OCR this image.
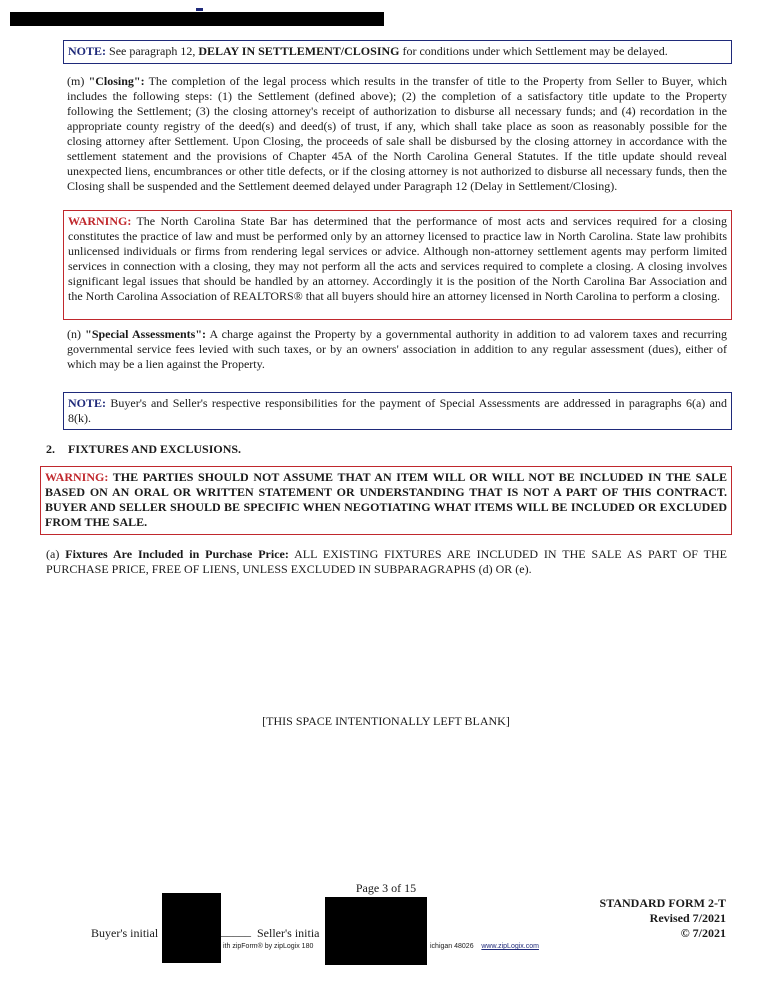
NOTE: See paragraph 12, DELAY IN SETTLEMENT/CLOSING for conditions under which Settlement may be delayed.
(m) "Closing": The completion of the legal process which results in the transfer of title to the Property from Seller to Buyer, which includes the following steps: (1) the Settlement (defined above); (2) the completion of a satisfactory title update to the Property following the Settlement; (3) the closing attorney's receipt of authorization to disburse all necessary funds; and (4) recordation in the appropriate county registry of the deed(s) and deed(s) of trust, if any, which shall take place as soon as reasonably possible for the closing attorney after Settlement. Upon Closing, the proceeds of sale shall be disbursed by the closing attorney in accordance with the settlement statement and the provisions of Chapter 45A of the North Carolina General Statutes. If the title update should reveal unexpected liens, encumbrances or other title defects, or if the closing attorney is not authorized to disburse all necessary funds, then the Closing shall be suspended and the Settlement deemed delayed under Paragraph 12 (Delay in Settlement/Closing).
WARNING: The North Carolina State Bar has determined that the performance of most acts and services required for a closing constitutes the practice of law and must be performed only by an attorney licensed to practice law in North Carolina. State law prohibits unlicensed individuals or firms from rendering legal services or advice. Although non-attorney settlement agents may perform limited services in connection with a closing, they may not perform all the acts and services required to complete a closing. A closing involves significant legal issues that should be handled by an attorney. Accordingly it is the position of the North Carolina Bar Association and the North Carolina Association of REALTORS® that all buyers should hire an attorney licensed in North Carolina to perform a closing.
(n) "Special Assessments": A charge against the Property by a governmental authority in addition to ad valorem taxes and recurring governmental service fees levied with such taxes, or by an owners' association in addition to any regular assessment (dues), either of which may be a lien against the Property.
NOTE: Buyer's and Seller's respective responsibilities for the payment of Special Assessments are addressed in paragraphs 6(a) and 8(k).
2. FIXTURES AND EXCLUSIONS.
WARNING: THE PARTIES SHOULD NOT ASSUME THAT AN ITEM WILL OR WILL NOT BE INCLUDED IN THE SALE BASED ON AN ORAL OR WRITTEN STATEMENT OR UNDERSTANDING THAT IS NOT A PART OF THIS CONTRACT. BUYER AND SELLER SHOULD BE SPECIFIC WHEN NEGOTIATING WHAT ITEMS WILL BE INCLUDED OR EXCLUDED FROM THE SALE.
(a) Fixtures Are Included in Purchase Price: ALL EXISTING FIXTURES ARE INCLUDED IN THE SALE AS PART OF THE PURCHASE PRICE, FREE OF LIENS, UNLESS EXCLUDED IN SUBPARAGRAPHS (d) OR (e).
[THIS SPACE INTENTIONALLY LEFT BLANK]
Page 3 of 15
STANDARD FORM 2-T
Revised 7/2021
© 7/2021
Buyer's initial	_____ Seller's initia
ith zipForm® by zipLogix 180	ichigan 48026 www.zipLogix.com
